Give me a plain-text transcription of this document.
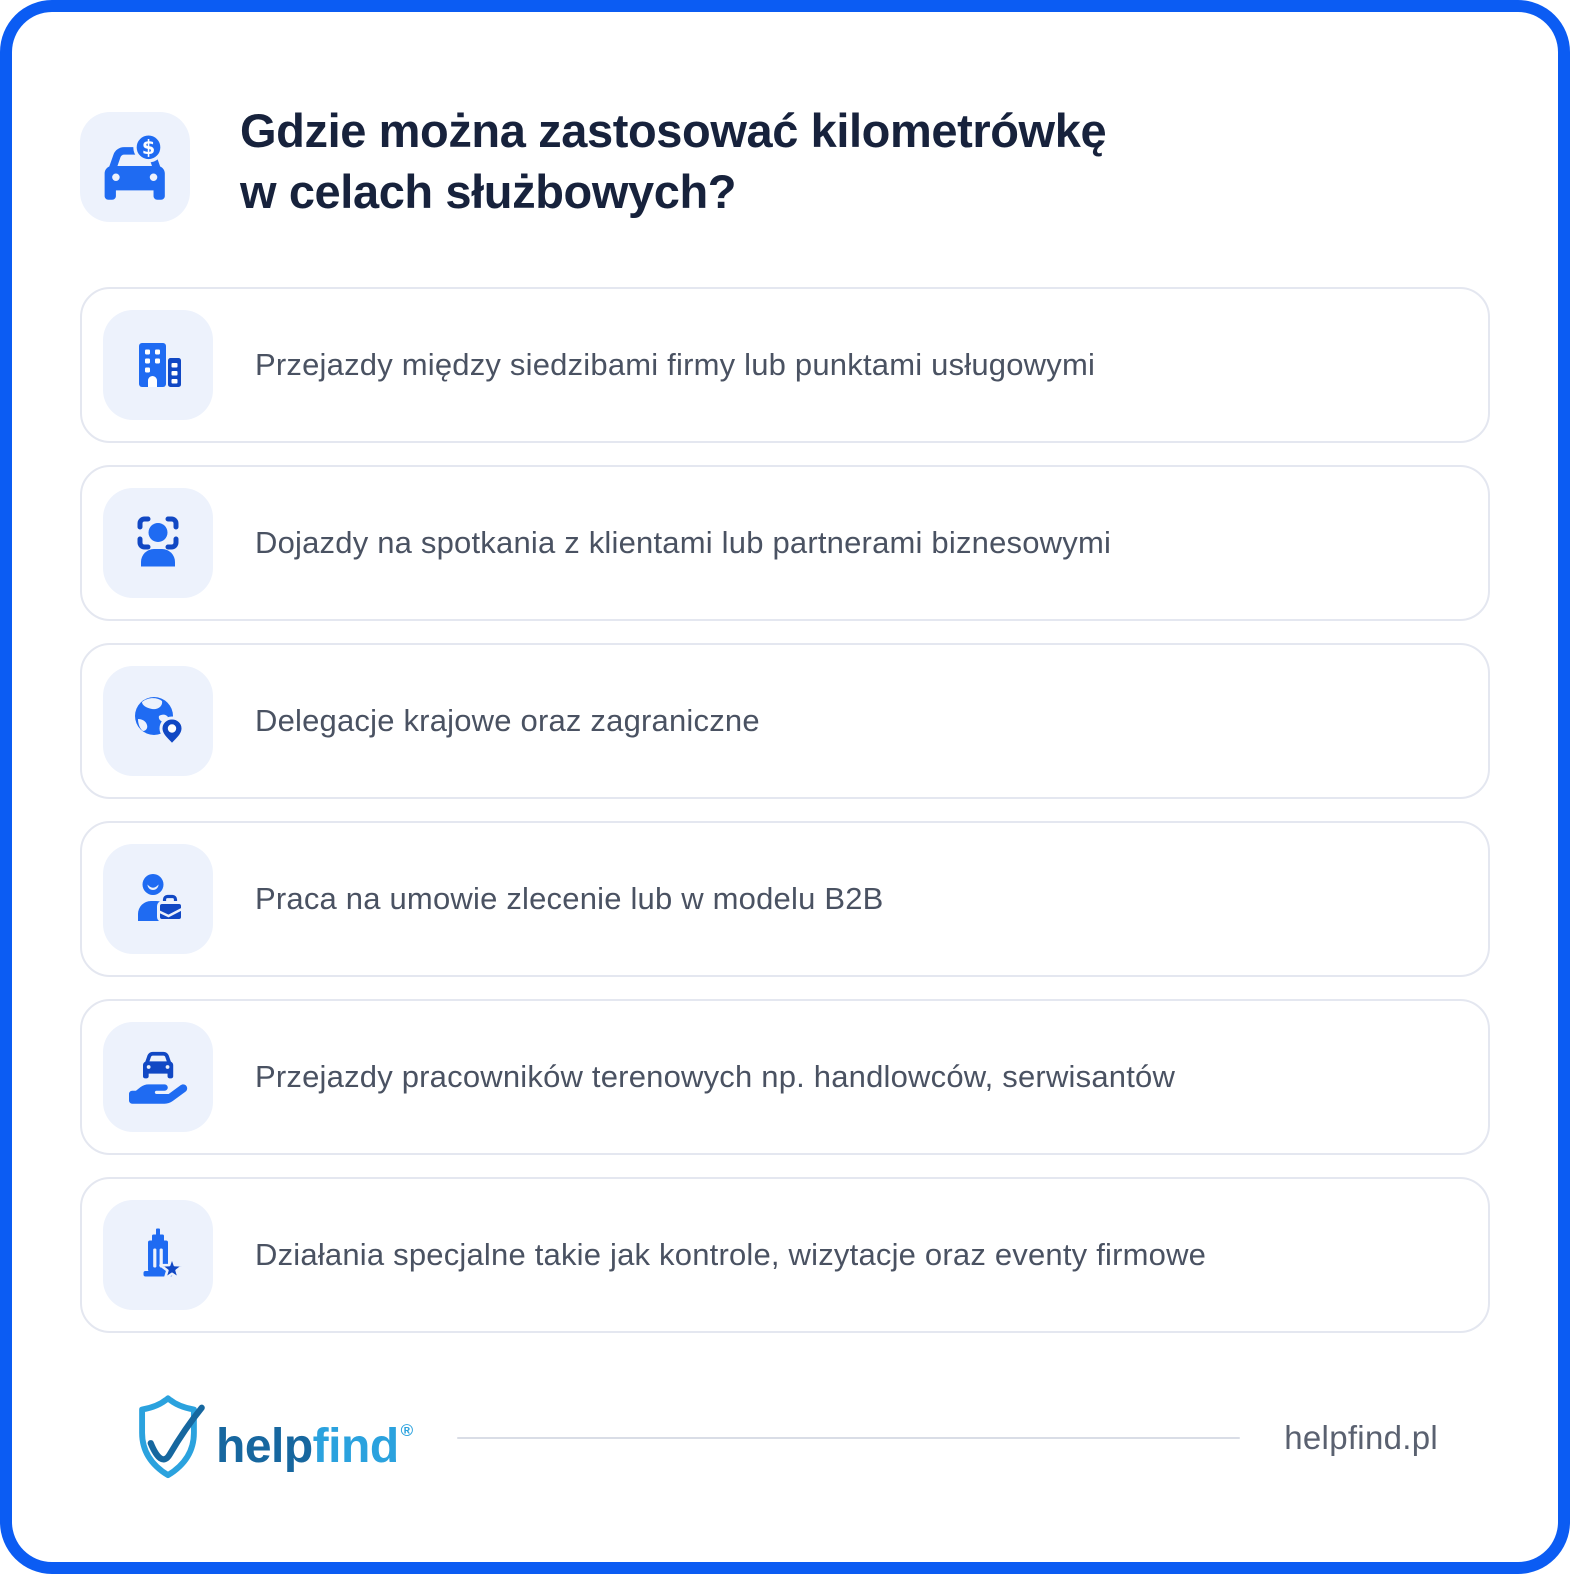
$ Gdzie można zastosować kilometrówkę
w celach służbowych?
Przejazdy między siedzibami firmy lub punktami usługowymi
Dojazdy na spotkania z klientami lub partnerami biznesowymi
Delegacje krajowe oraz zagraniczne
Praca na umowie zlecenie lub w modelu B2B
Przejazdy pracowników terenowych np. handlowców, serwisantów
Działania specjalne takie jak kontrole, wizytacje oraz eventy firmowe
helpfind ®	helpfind.pl
